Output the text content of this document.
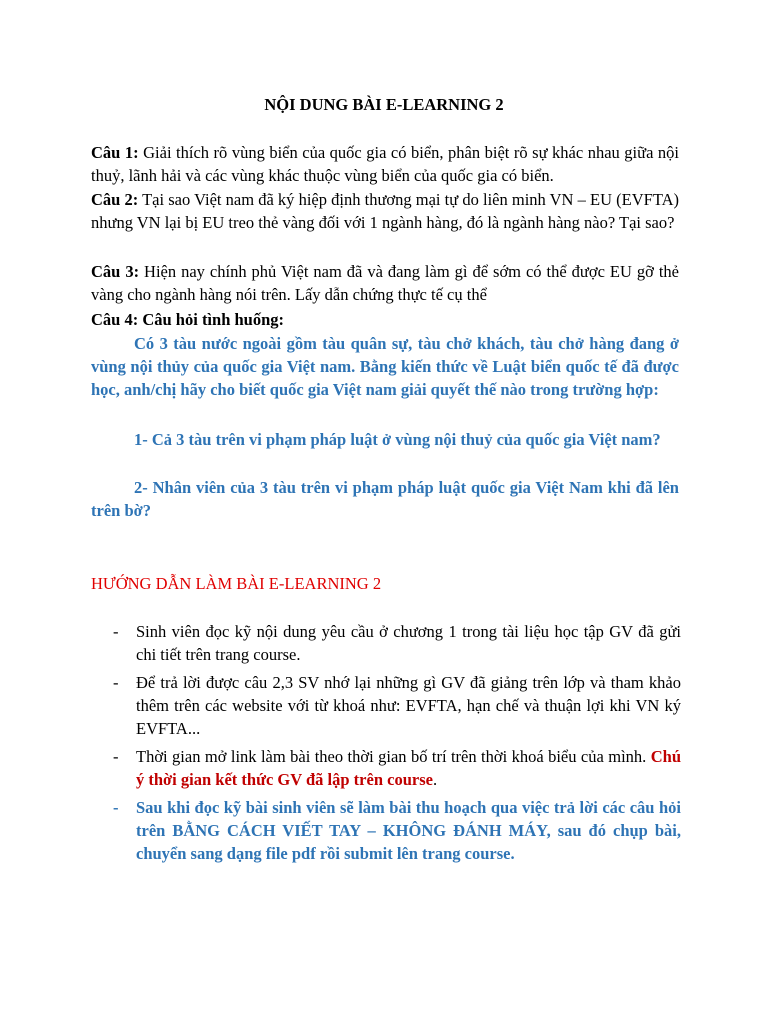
NỘI DUNG BÀI E-LEARNING 2
Câu 1: Giải thích rõ vùng biển của quốc gia có biển, phân biệt rõ sự khác nhau giữa nội thuỷ, lãnh hải và các vùng khác thuộc vùng biển của quốc gia có biển.
Câu 2: Tại sao Việt nam đã ký hiệp định thương mại tự do liên minh VN – EU (EVFTA) nhưng VN lại bị EU treo thẻ vàng đối với 1 ngành hàng, đó là ngành hàng nào? Tại sao?
Câu 3: Hiện nay chính phủ Việt nam đã và đang làm gì để sớm có thể được EU gỡ thẻ vàng cho ngành hàng nói trên. Lấy dẫn chứng thực tế cụ thể
Câu 4: Câu hỏi tình huống:
Có 3 tàu nước ngoài gồm tàu quân sự, tàu chở khách, tàu chở hàng đang ở vùng nội thủy của quốc gia Việt nam. Bằng kiến thức về Luật biển quốc tế đã được học, anh/chị hãy cho biết quốc gia Việt nam giải quyết thế nào trong trường hợp:
1- Cả 3 tàu trên vi phạm pháp luật ở vùng nội thuỷ của quốc gia Việt nam?
2- Nhân viên của 3 tàu trên vi phạm pháp luật quốc gia Việt Nam khi đã lên trên bờ?
HƯỚNG DẪN LÀM BÀI E-LEARNING 2
- Sinh viên đọc kỹ nội dung yêu cầu ở chương 1 trong tài liệu học tập GV đã gửi chi tiết trên trang course.
- Để trả lời được câu 2,3 SV nhớ lại những gì GV đã giảng trên lớp và tham khảo thêm trên các website với từ khoá như: EVFTA, hạn chế và thuận lợi khi VN ký EVFTA...
- Thời gian mở link làm bài theo thời gian bố trí trên thời khoá biểu của mình. Chú ý thời gian kết thức GV đã lập trên course.
- Sau khi đọc kỹ bài sinh viên sẽ làm bài thu hoạch qua việc trả lời các câu hỏi trên BẰNG CÁCH VIẾT TAY – KHÔNG ĐÁNH MÁY, sau đó chụp bài, chuyển sang dạng file pdf rồi submit lên trang course.
